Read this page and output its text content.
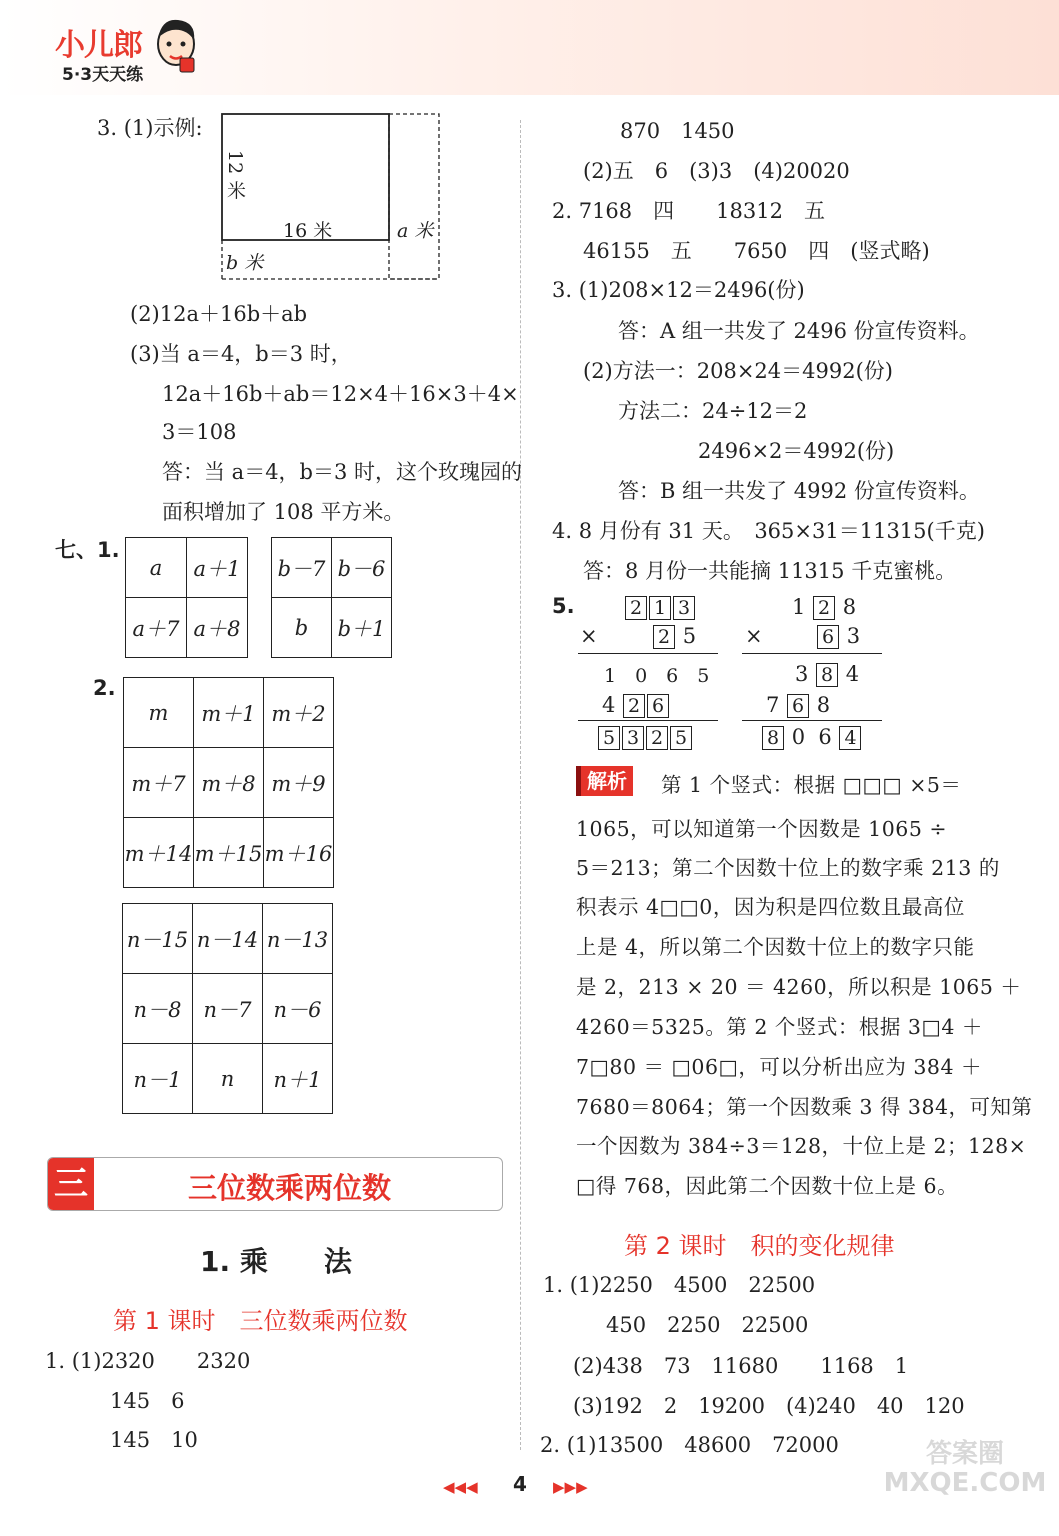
小儿郎
5·3天天练
3. (1)示例:
12 米
16 米	a 米
b 米
(2)12a＋16b＋ab
(3)当 a＝4，b＝3 时，
12a＋16b＋ab＝12×4＋16×3＋4×
3＝108
答：当 a＝4，b＝3 时，这个玫瑰园的
面积增加了 108 平方米。
七、1.
a	a＋1
a＋7	a＋8
b－7	b－6
b	b＋1
2.
m	m＋1	m＋2
m＋7	m＋8	m＋9
m＋14	m＋15	m＋16
n－15	n－14	n－13
n－8	n－7	n－6
n－1	n	n＋1
三	三位数乘两位数
1. 乘　　法
第 1 课时　三位数乘两位数
1. (1)2320　　2320
145　6
145　10
870　1450
(2)五　6　(3)3　(4)20020
2. 7168　四　　18312　五
46155　五　　7650　四　(竖式略)
3. (1)208×12＝2496(份)
答：A 组一共发了 2496 份宣传资料。
(2)方法一：208×24＝4992(份)
方法二：24÷12＝2
2496×2＝4992(份)
答：B 组一共发了 4992 份宣传资料。
4. 8 月份有 31 天。　365×31＝11315(千克)
答：8 月份一共能摘 11315 千克蜜桃。
5.	2 1 3
×	2 5
1　0　6　5
4 2 6
5 3 2 5
1 2 8
×	6 3
3 8 4
7 6 8
8 0 6 4
解析 　第 1 个竖式：根据 □□□ ×5＝
1065，可以知道第一个因数是 1065 ÷
5＝213；第二个因数十位上的数字乘 213 的
积表示 4□□0，因为积是四位数且最高位
上是 4，所以第二个因数十位上的数字只能
是 2，213 × 20 ＝ 4260，所以积是 1065 ＋
4260＝5325。第 2 个竖式：根据 3□4 ＋
7□80 ＝ □06□，可以分析出应为 384 ＋
7680＝8064；第一个因数乘 3 得 384，可知第
一个因数为 384÷3＝128，十位上是 2；128×
□得 768，因此第二个因数十位上是 6。
第 2 课时　积的变化规律
1. (1)2250　4500　22500
450　2250　22500
(2)438　73　11680　　1168　1
(3)192　2　19200　(4)240　40　120
2. (1)13500　48600　72000
◀◀◀ 4 ▶▶▶
答案圈 MXQE.COM
